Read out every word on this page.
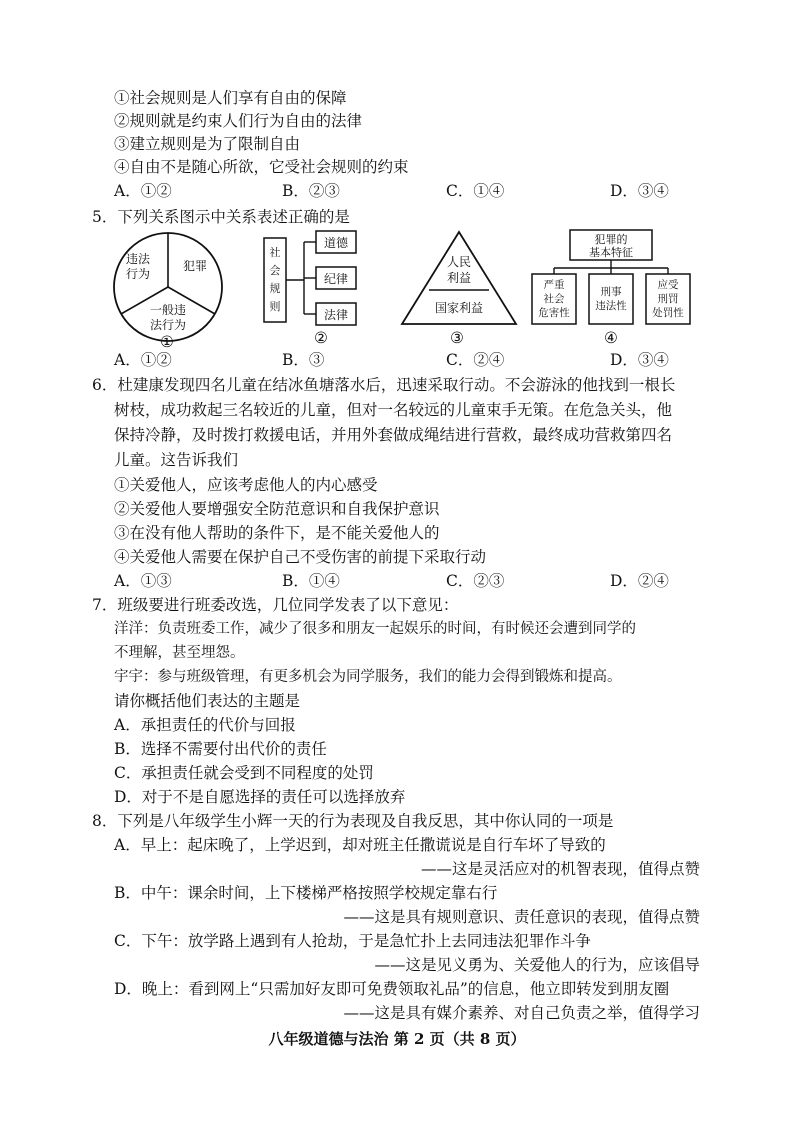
①社会规则是人们享有自由的保障
②规则就是约束人们行为自由的法律
③建立规则是为了限制自由
④自由不是随心所欲，它受社会规则的约束
A．①②	B．②③	C．①④	D．③④
5．下列关系图示中关系表述正确的是
违法
行为
犯罪
一般违
法行为
①
社
会
规
则
道德
纪律
法律
②
人民
利益
国家利益
③
犯罪的
基本特征
严重
社会
危害性
刑事
违法性
应受
刑罚
处罚性
④
A．①②	B．③	C．②④	D．③④
6．杜建康发现四名儿童在结冰鱼塘落水后，迅速采取行动。不会游泳的他找到一根长
树枝，成功救起三名较近的儿童，但对一名较远的儿童束手无策。在危急关头，他
保持冷静，及时拨打救援电话，并用外套做成绳结进行营救，最终成功营救第四名
儿童。这告诉我们
①关爱他人，应该考虑他人的内心感受
②关爱他人要增强安全防范意识和自我保护意识
③在没有他人帮助的条件下，是不能关爱他人的
④关爱他人需要在保护自己不受伤害的前提下采取行动
A．①③	B．①④	C．②③	D．②④
7．班级要进行班委改选，几位同学发表了以下意见：
洋洋：负责班委工作，减少了很多和朋友一起娱乐的时间，有时候还会遭到同学的
不理解，甚至埋怨。
宇宇：参与班级管理，有更多机会为同学服务，我们的能力会得到锻炼和提高。
请你概括他们表达的主题是
A．承担责任的代价与回报
B．选择不需要付出代价的责任
C．承担责任就会受到不同程度的处罚
D．对于不是自愿选择的责任可以选择放弃
8．下列是八年级学生小辉一天的行为表现及自我反思，其中你认同的一项是
A．早上：起床晚了，上学迟到，却对班主任撒谎说是自行车坏了导致的
——这是灵活应对的机智表现，值得点赞
B．中午：课余时间，上下楼梯严格按照学校规定靠右行
——这是具有规则意识、责任意识的表现，值得点赞
C．下午：放学路上遇到有人抢劫，于是急忙扑上去同违法犯罪作斗争
——这是见义勇为、关爱他人的行为，应该倡导
D．晚上：看到网上“只需加好友即可免费领取礼品”的信息，他立即转发到朋友圈
——这是具有媒介素养、对自己负责之举，值得学习
八年级道德与法治 第 2 页（共 8 页）
